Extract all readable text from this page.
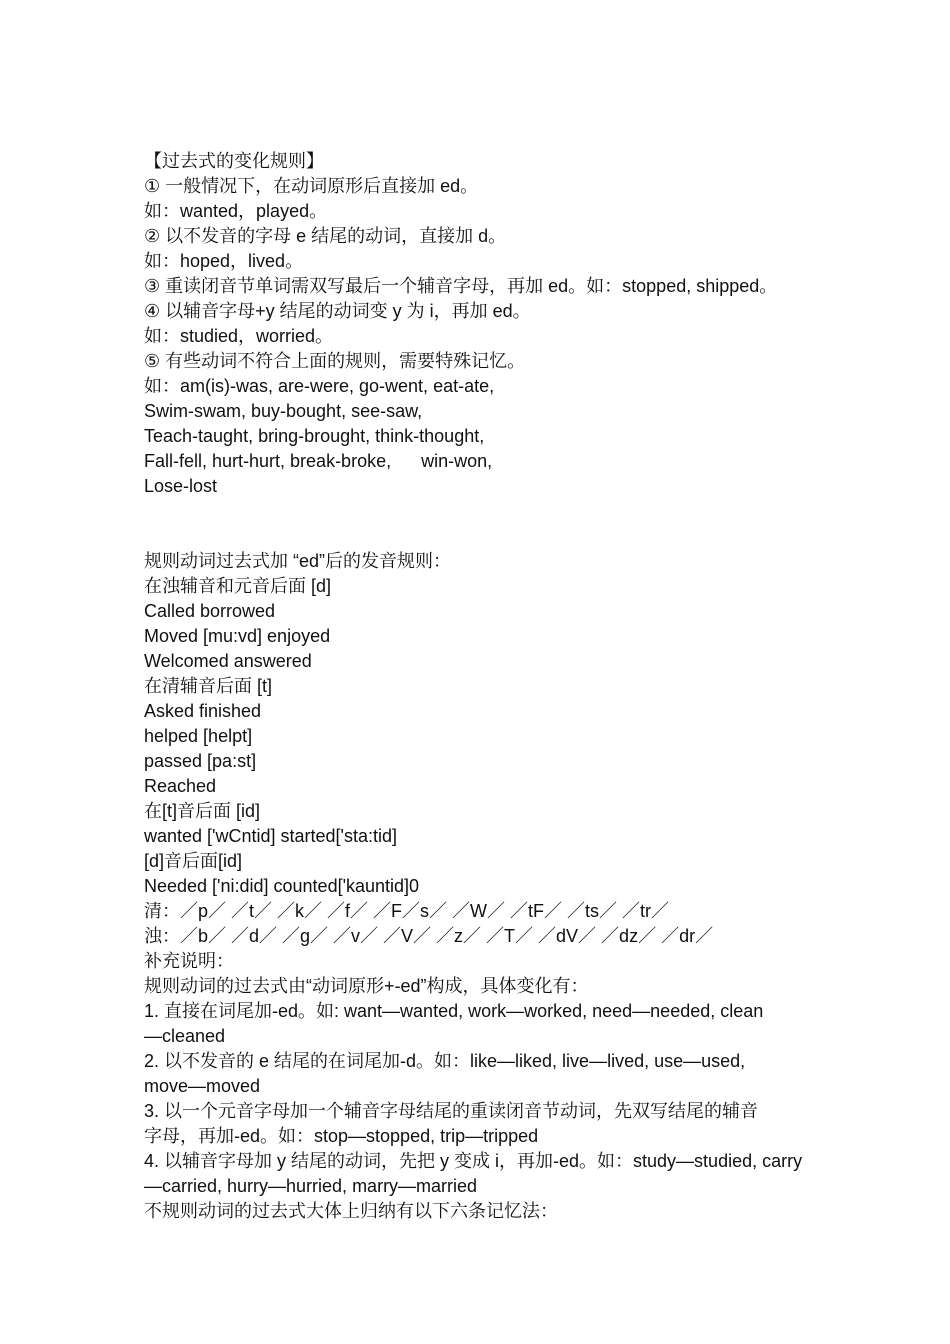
【过去式的变化规则】
① 一般情况下，在动词原形后直接加 ed。
如：wanted，played。
② 以不发音的字母 e 结尾的动词，直接加 d。
如：hoped，lived。
③ 重读闭音节单词需双写最后一个辅音字母，再加 ed。如：stopped, shipped。
④ 以辅音字母+y 结尾的动词变 y 为 i，再加 ed。
如：studied，worried。
⑤ 有些动词不符合上面的规则，需要特殊记忆。
如：am(is)-was, are-were, go-went, eat-ate,
Swim-swam, buy-bought, see-saw,
Teach-taught, bring-brought, think-thought,
Fall-fell, hurt-hurt, break-broke,      win-won,
Lose-lost
规则动词过去式加 “ed”后的发音规则：
在浊辅音和元音后面 [d]
Called borrowed
Moved [mu:vd] enjoyed
Welcomed answered
在清辅音后面 [t]
Asked finished
helped [helpt]
passed [pa:st]
Reached
在[t]音后面 [id]
wanted ['wCntid] started['sta:tid]
[d]音后面[id]
Needed ['ni:did] counted['kauntid]0
清：／p／ ／t／ ／k／ ／f／ ／F／s／ ／W／ ／tF／ ／ts／ ／tr／
浊：／b／ ／d／ ／g／ ／v／ ／V／ ／z／ ／T／ ／dV／ ／dz／ ／dr／
补充说明：
规则动词的过去式由“动词原形+-ed”构成，具体变化有：
1. 直接在词尾加-ed。如: want—wanted, work—worked, need—needed, clean
—cleaned
2. 以不发音的 e 结尾的在词尾加-d。如：like—liked, live—lived, use—used,
move—moved
3. 以一个元音字母加一个辅音字母结尾的重读闭音节动词，先双写结尾的辅音
字母，再加-ed。如：stop—stopped, trip—tripped
4. 以辅音字母加 y 结尾的动词，先把 y 变成 i，再加-ed。如：study—studied, carry
—carried, hurry—hurried, marry—married
不规则动词的过去式大体上归纳有以下六条记忆法：
